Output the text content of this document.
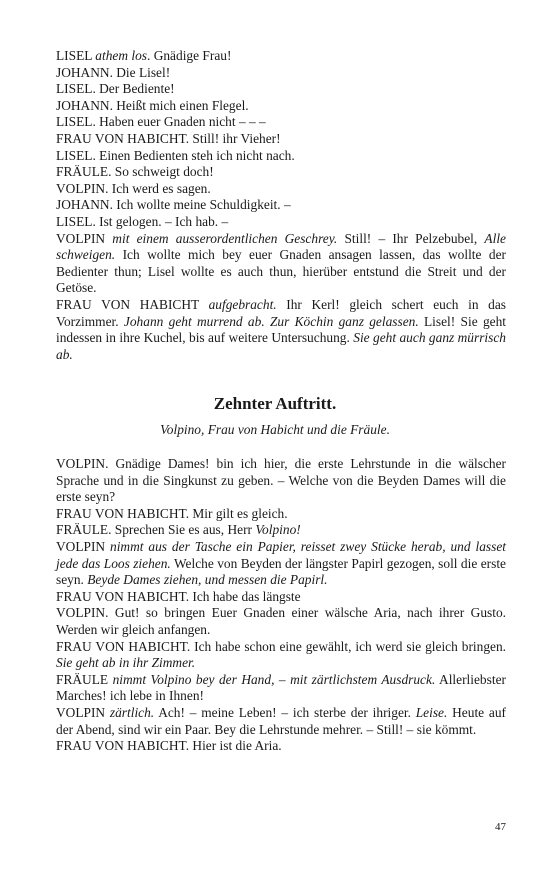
LISEL athem los. Gnädige Frau!

JOHANN. Die Lisel!

LISEL. Der Bediente!

JOHANN. Heißt mich einen Flegel.

LISEL. Haben euer Gnaden nicht – – –

FRAU VON HABICHT. Still! ihr Vieher!

LISEL. Einen Bedienten steh ich nicht nach.

FRÄULE. So schweigt doch!

VOLPIN. Ich werd es sagen.

JOHANN. Ich wollte meine Schuldigkeit. –

LISEL. Ist gelogen. – Ich hab. –

VOLPIN mit einem ausserordentlichen Geschrey. Still! – Ihr Pelzebubel, Alle schweigen. Ich wollte mich bey euer Gnaden ansagen lassen, das wollte der Bedienter thun; Lisel wollte es auch thun, hierüber entstund die Streit und der Getöse.

FRAU VON HABICHT aufgebracht. Ihr Kerl! gleich schert euch in das Vorzimmer. Johann geht murrend ab. Zur Köchin ganz gelassen. Lisel! Sie geht indessen in ihre Kuchel, bis auf weitere Untersuchung. Sie geht auch ganz mürrisch ab.

Zehnter Auftritt.
Volpino, Frau von Habicht und die Fräule.

VOLPIN. Gnädige Dames! bin ich hier, die erste Lehrstunde in die wälscher Sprache und in die Singkunst zu geben. – Welche von die Beyden Dames will die erste seyn?

FRAU VON HABICHT. Mir gilt es gleich.

FRÄULE. Sprechen Sie es aus, Herr Volpino!

VOLPIN nimmt aus der Tasche ein Papier, reisset zwey Stücke herab, und lasset jede das Loos ziehen. Welche von Beyden der längster Papirl gezogen, soll die erste seyn. Beyde Dames ziehen, und messen die Papirl.

FRAU VON HABICHT. Ich habe das längste

VOLPIN. Gut! so bringen Euer Gnaden einer wälsche Aria, nach ihrer Gusto. Werden wir gleich anfangen.

FRAU VON HABICHT. Ich habe schon eine gewählt, ich werd sie gleich bringen. Sie geht ab in ihr Zimmer.

FRÄULE nimmt Volpino bey der Hand, – mit zärtlichstem Ausdruck. Allerliebster Marches! ich lebe in Ihnen!

VOLPIN zärtlich. Ach! – meine Leben! – ich sterbe der ihriger. Leise. Heute auf der Abend, sind wir ein Paar. Bey die Lehrstunde mehrer. – Still! – sie kömmt.

FRAU VON HABICHT. Hier ist die Aria.

47
